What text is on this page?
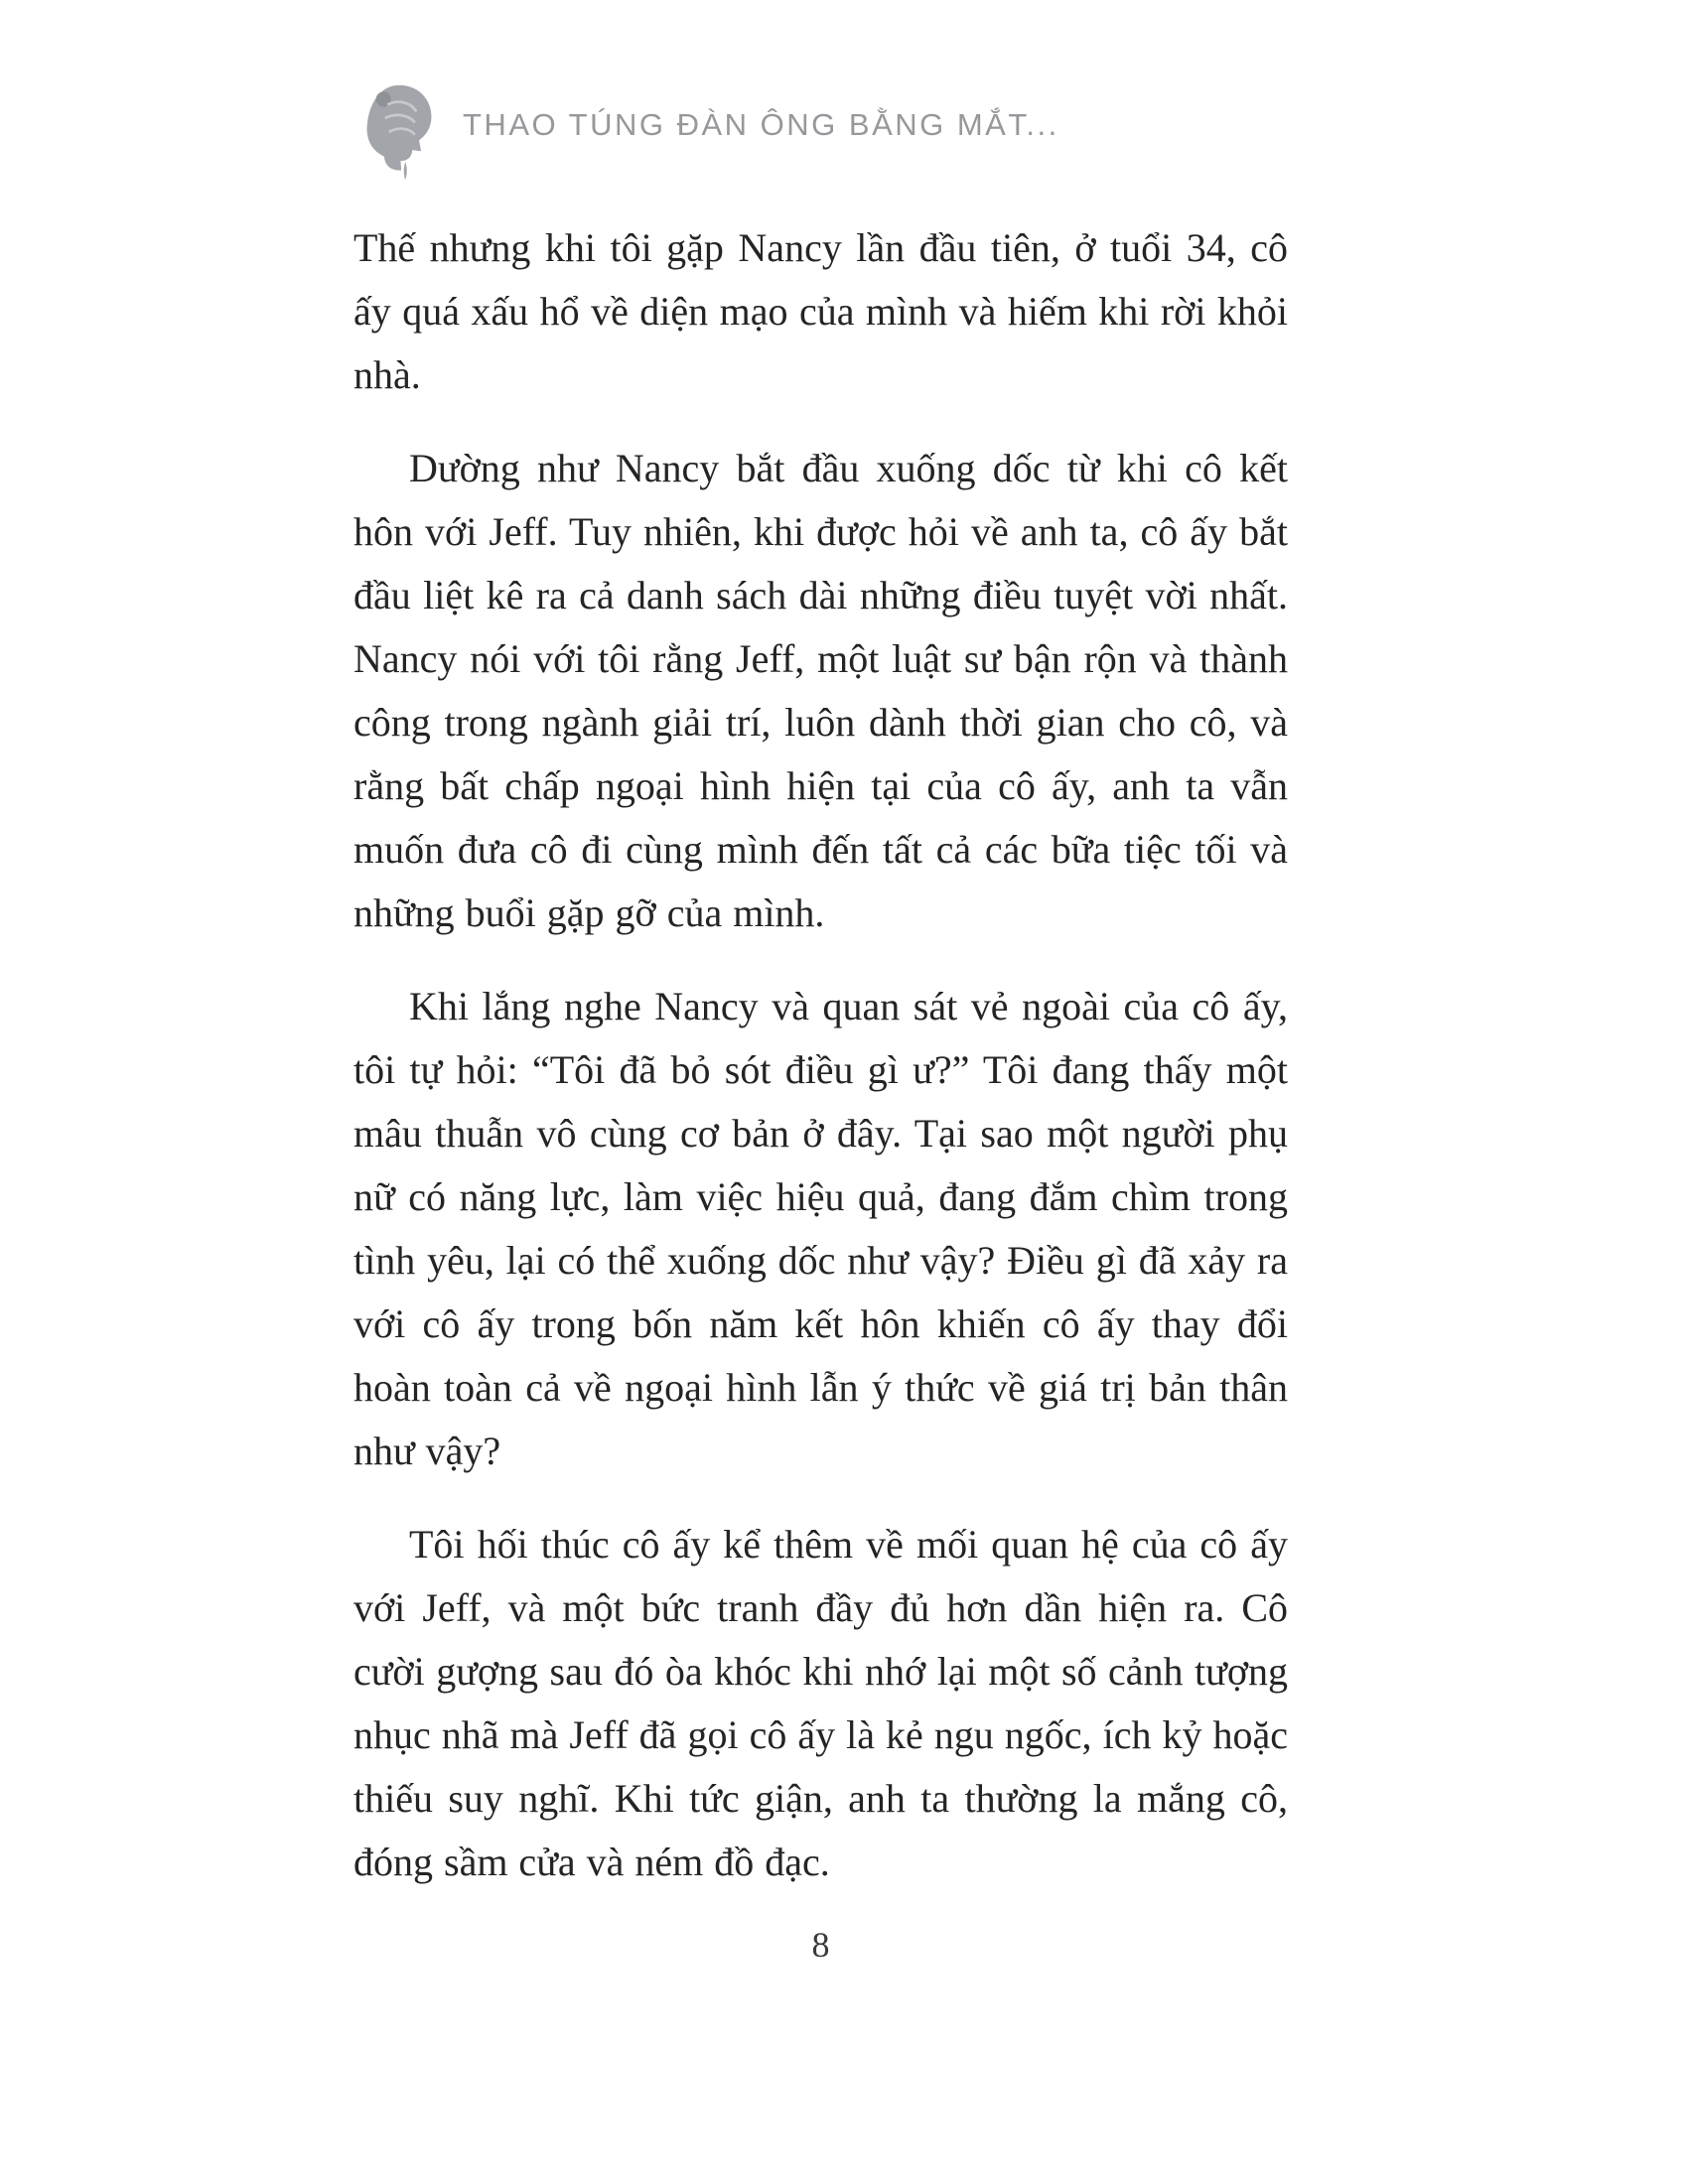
THAO TÚNG ĐÀN ÔNG BẰNG MẮT...

Thế nhưng khi tôi gặp Nancy lần đầu tiên, ở tuổi 34, cô ấy quá xấu hổ về diện mạo của mình và hiếm khi rời khỏi nhà.

Dường như Nancy bắt đầu xuống dốc từ khi cô kết hôn với Jeff. Tuy nhiên, khi được hỏi về anh ta, cô ấy bắt đầu liệt kê ra cả danh sách dài những điều tuyệt vời nhất. Nancy nói với tôi rằng Jeff, một luật sư bận rộn và thành công trong ngành giải trí, luôn dành thời gian cho cô, và rằng bất chấp ngoại hình hiện tại của cô ấy, anh ta vẫn muốn đưa cô đi cùng mình đến tất cả các bữa tiệc tối và những buổi gặp gỡ của mình.

Khi lắng nghe Nancy và quan sát vẻ ngoài của cô ấy, tôi tự hỏi: “Tôi đã bỏ sót điều gì ư?” Tôi đang thấy một mâu thuẫn vô cùng cơ bản ở đây. Tại sao một người phụ nữ có năng lực, làm việc hiệu quả, đang đắm chìm trong tình yêu, lại có thể xuống dốc như vậy? Điều gì đã xảy ra với cô ấy trong bốn năm kết hôn khiến cô ấy thay đổi hoàn toàn cả về ngoại hình lẫn ý thức về giá trị bản thân như vậy?

Tôi hối thúc cô ấy kể thêm về mối quan hệ của cô ấy với Jeff, và một bức tranh đầy đủ hơn dần hiện ra. Cô cười gượng sau đó òa khóc khi nhớ lại một số cảnh tượng nhục nhã mà Jeff đã gọi cô ấy là kẻ ngu ngốc, ích kỷ hoặc thiếu suy nghĩ. Khi tức giận, anh ta thường la mắng cô, đóng sầm cửa và ném đồ đạc.

8
